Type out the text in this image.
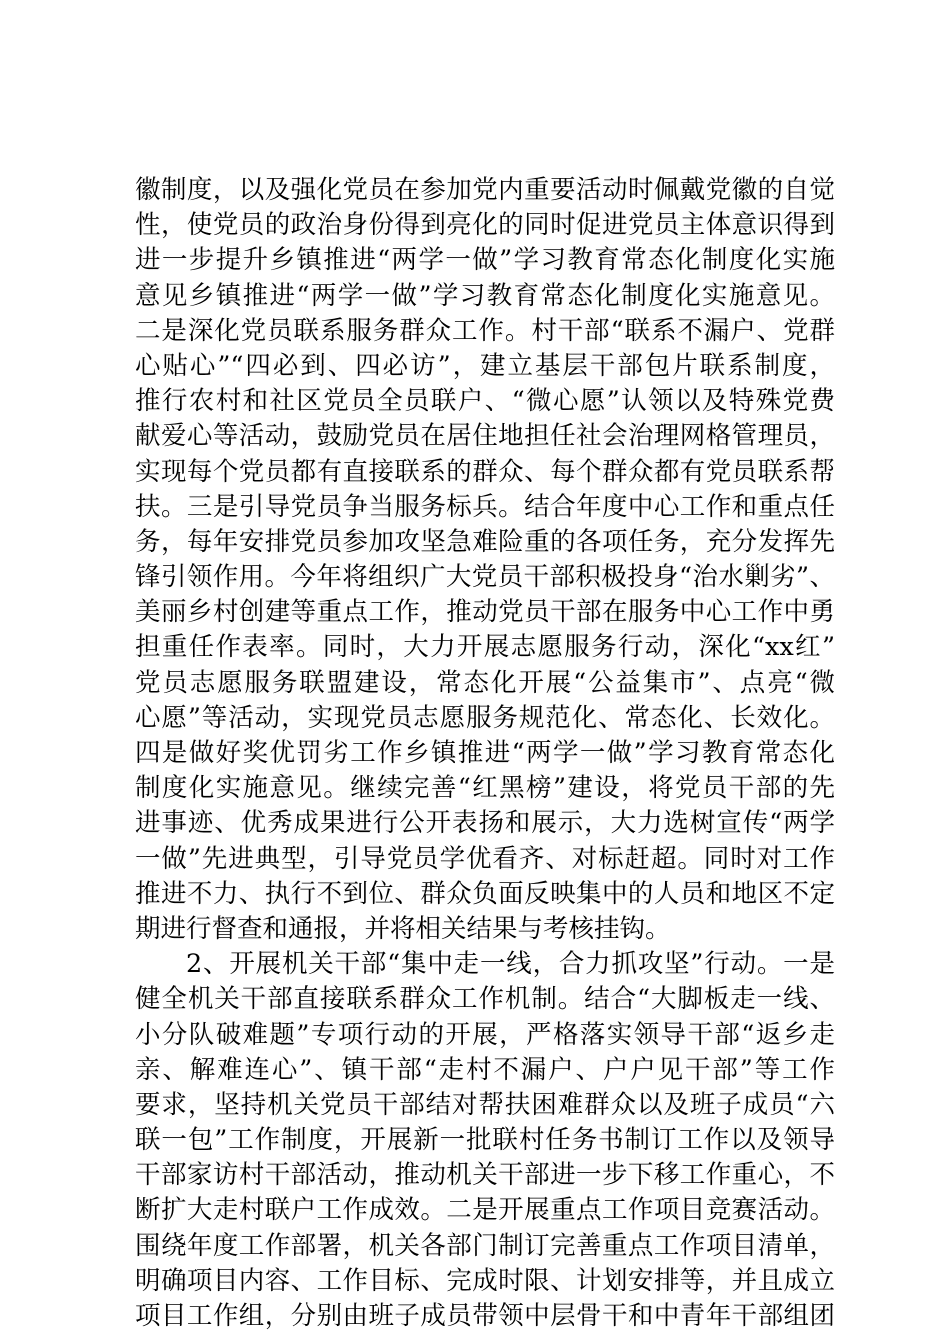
徽制度，以及强化党员在参加党内重要活动时佩戴党徽的自觉
性，使党员的政治身份得到亮化的同时促进党员主体意识得到
进一步提升乡镇推进“两学一做”学习教育常态化制度化实施
意见乡镇推进“两学一做”学习教育常态化制度化实施意见。
二是深化党员联系服务群众工作。村干部“联系不漏户、党群
心贴心”“四必到、四必访”，建立基层干部包片联系制度，
推行农村和社区党员全员联户、“微心愿”认领以及特殊党费
献爱心等活动，鼓励党员在居住地担任社会治理网格管理员，
实现每个党员都有直接联系的群众、每个群众都有党员联系帮
扶。三是引导党员争当服务标兵。结合年度中心工作和重点任
务，每年安排党员参加攻坚急难险重的各项任务，充分发挥先
锋引领作用。今年将组织广大党员干部积极投身“治水剿劣”、
美丽乡村创建等重点工作，推动党员干部在服务中心工作中勇
担重任作表率。同时，大力开展志愿服务行动，深化“xx红”
党员志愿服务联盟建设，常态化开展“公益集市”、点亮“微
心愿”等活动，实现党员志愿服务规范化、常态化、长效化。
四是做好奖优罚劣工作乡镇推进“两学一做”学习教育常态化
制度化实施意见。继续完善“红黑榜”建设，将党员干部的先
进事迹、优秀成果进行公开表扬和展示，大力选树宣传“两学
一做”先进典型，引导党员学优看齐、对标赶超。同时对工作
推进不力、执行不到位、群众负面反映集中的人员和地区不定
期进行督查和通报，并将相关结果与考核挂钩。
2、开展机关干部“集中走一线，合力抓攻坚”行动。一是
健全机关干部直接联系群众工作机制。结合“大脚板走一线、
小分队破难题”专项行动的开展，严格落实领导干部“返乡走
亲、解难连心”、镇干部“走村不漏户、户户见干部”等工作
要求，坚持机关党员干部结对帮扶困难群众以及班子成员“六
联一包”工作制度，开展新一批联村任务书制订工作以及领导
干部家访村干部活动，推动机关干部进一步下移工作重心，不
断扩大走村联户工作成效。二是开展重点工作项目竞赛活动。
围绕年度工作部署，机关各部门制订完善重点工作项目清单，
明确项目内容、工作目标、完成时限、计划安排等，并且成立
项目工作组，分别由班子成员带领中层骨干和中青年干部组团
